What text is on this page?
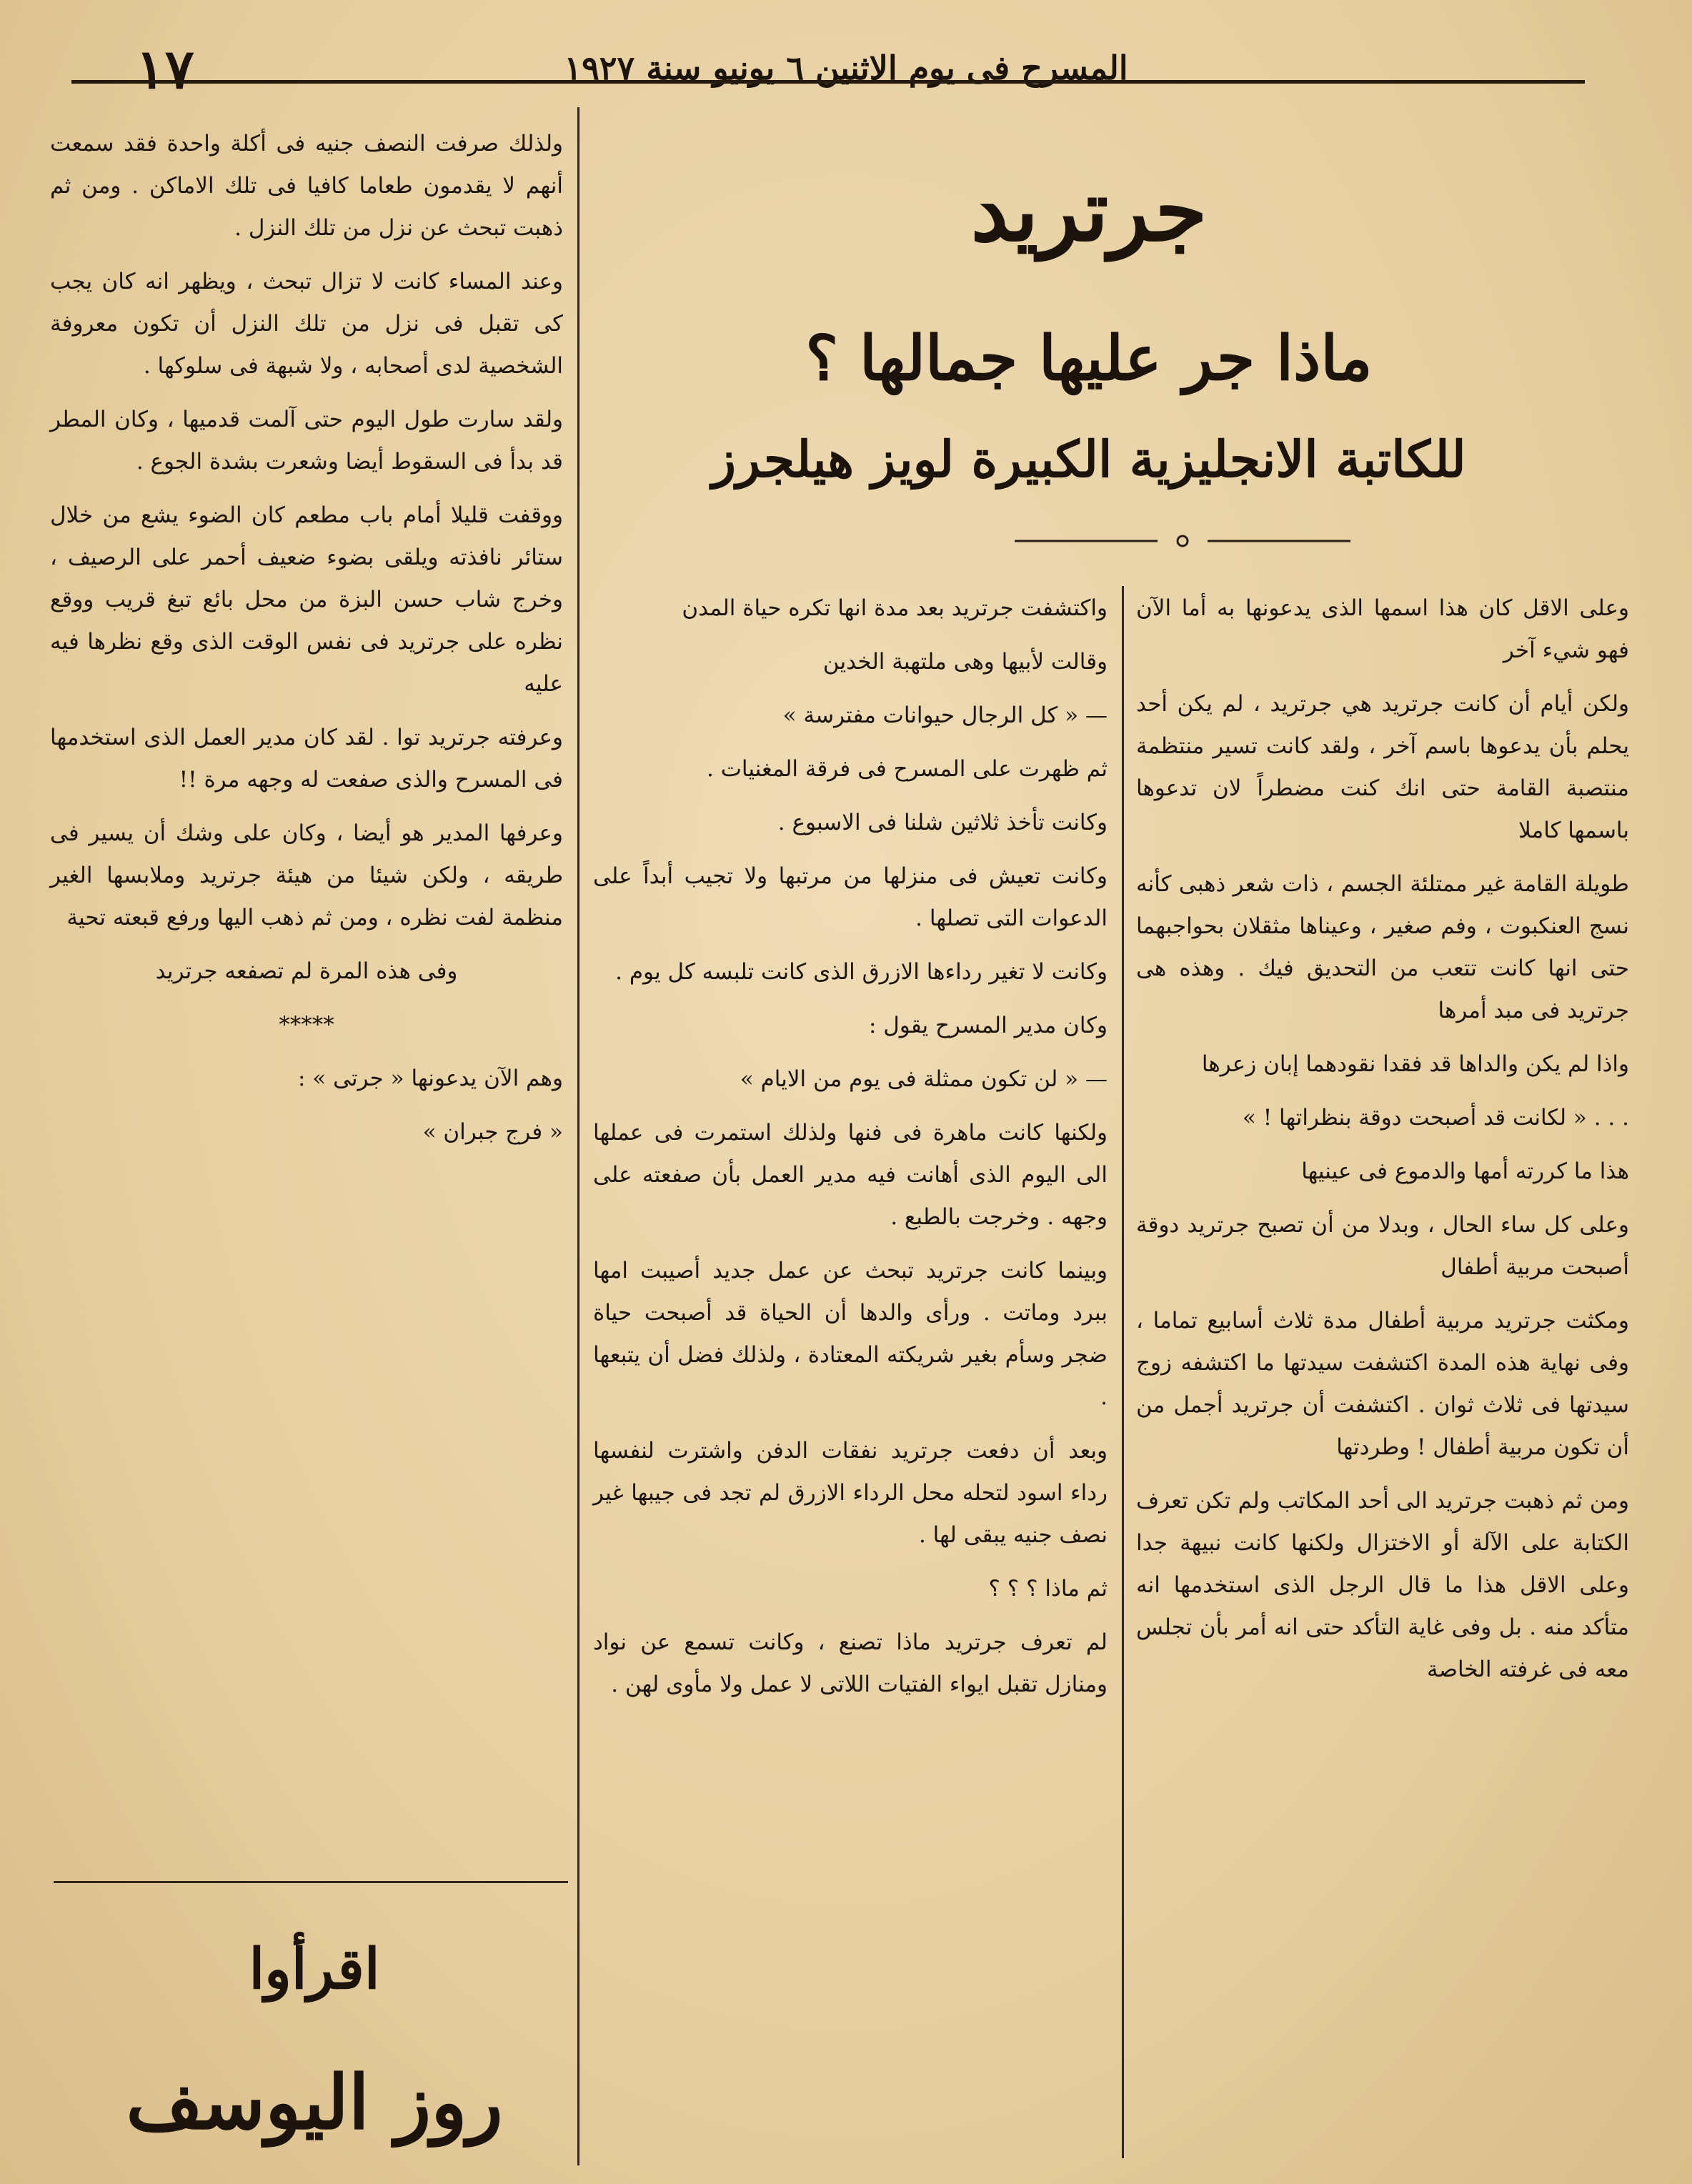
١٧	المسرح فى يوم الاثنين ٦ يونيو سنة ١٩٢٧
جرتريد
ماذا جر عليها جمالها ؟
للكاتبة الانجليزية الكبيرة لويز هيلجرز

وعلى الاقل كان هذا اسمها الذى يدعونها به أما الآن فهو شيء آخر

ولكن أيام أن كانت جرتريد هي جرتريد ، لم يكن أحد يحلم بأن يدعوها باسم آخر ، ولقد كانت تسير منتظمة منتصبة القامة حتى انك كنت مضطراً لان تدعوها باسمها كاملا

طويلة القامة غير ممتلئة الجسم ، ذات شعر ذهبى كأنه نسج العنكبوت ، وفم صغير ، وعيناها مثقلان بحواجبهما حتى انها كانت تتعب من التحديق فيك . وهذه هى جرتريد فى مبد أمرها

واذا لم يكن والداها قد فقدا نقودهما إبان زعرها

. . . « لكانت قد أصبحت دوقة بنظراتها ! »

هذا ما كررته أمها والدموع فى عينيها

وعلى كل ساء الحال ، وبدلا من أن تصبح جرتريد دوقة أصبحت مربية أطفال

ومكثت جرتريد مربية أطفال مدة ثلاث أسابيع تماما ، وفى نهاية هذه المدة اكتشفت سيدتها ما اكتشفه زوج سيدتها فى ثلاث ثوان . اكتشفت أن جرتريد أجمل من أن تكون مربية أطفال ! وطردتها

ومن ثم ذهبت جرتريد الى أحد المكاتب ولم تكن تعرف الكتابة على الآلة أو الاختزال ولكنها كانت نبيهة جدا وعلى الاقل هذا ما قال الرجل الذى استخدمها انه متأكد منه . بل وفى غاية التأكد حتى انه أمر بأن تجلس معه فى غرفته الخاصة

واكتشفت جرتريد بعد مدة انها تكره حياة المدن

وقالت لأبيها وهى ملتهبة الخدين

— « كل الرجال حيوانات مفترسة »

ثم ظهرت على المسرح فى فرقة المغنيات .

وكانت تأخذ ثلاثين شلنا فى الاسبوع .

وكانت تعيش فى منزلها من مرتبها ولا تجيب أبداً على الدعوات التى تصلها .

وكانت لا تغير رداءها الازرق الذى كانت تلبسه كل يوم .

وكان مدير المسرح يقول :

— « لن تكون ممثلة فى يوم من الايام »

ولكنها كانت ماهرة فى فنها ولذلك استمرت فى عملها الى اليوم الذى أهانت فيه مدير العمل بأن صفعته على وجهه . وخرجت بالطبع .

وبينما كانت جرتريد تبحث عن عمل جديد أصيبت امها ببرد وماتت . ورأى والدها أن الحياة قد أصبحت حياة ضجر وسأم بغير شريكته المعتادة ، ولذلك فضل أن يتبعها .

وبعد أن دفعت جرتريد نفقات الدفن واشترت لنفسها رداء اسود لتحله محل الرداء الازرق لم تجد فى جيبها غير نصف جنيه يبقى لها .

ثم ماذا ؟ ؟ ؟

لم تعرف جرتريد ماذا تصنع ، وكانت تسمع عن نواد ومنازل تقبل ايواء الفتيات اللاتى لا عمل ولا مأوى لهن .

ولذلك صرفت النصف جنيه فى أكلة واحدة فقد سمعت أنهم لا يقدمون طعاما كافيا فى تلك الاماكن . ومن ثم ذهبت تبحث عن نزل من تلك النزل .

وعند المساء كانت لا تزال تبحث ، ويظهر انه كان يجب كى تقبل فى نزل من تلك النزل أن تكون معروفة الشخصية لدى أصحابه ، ولا شبهة فى سلوكها .

ولقد سارت طول اليوم حتى آلمت قدميها ، وكان المطر قد بدأ فى السقوط أيضا وشعرت بشدة الجوع .

ووقفت قليلا أمام باب مطعم كان الضوء يشع من خلال ستائر نافذته ويلقى بضوء ضعيف أحمر على الرصيف ، وخرج شاب حسن البزة من محل بائع تبغ قريب ووقع نظره على جرتريد فى نفس الوقت الذى وقع نظرها فيه عليه

وعرفته جرتريد توا . لقد كان مدير العمل الذى استخدمها فى المسرح والذى صفعت له وجهه مرة !!

وعرفها المدير هو أيضا ، وكان على وشك أن يسير فى طريقه ، ولكن شيئا من هيئة جرتريد وملابسها الغير منظمة لفت نظره ، ومن ثم ذهب اليها ورفع قبعته تحية

وفى هذه المرة لم تصفعه جرترید

*****

وهم الآن يدعونها « جرتى » :

« فرج جبران »

اقرأوا
روز اليوسف
